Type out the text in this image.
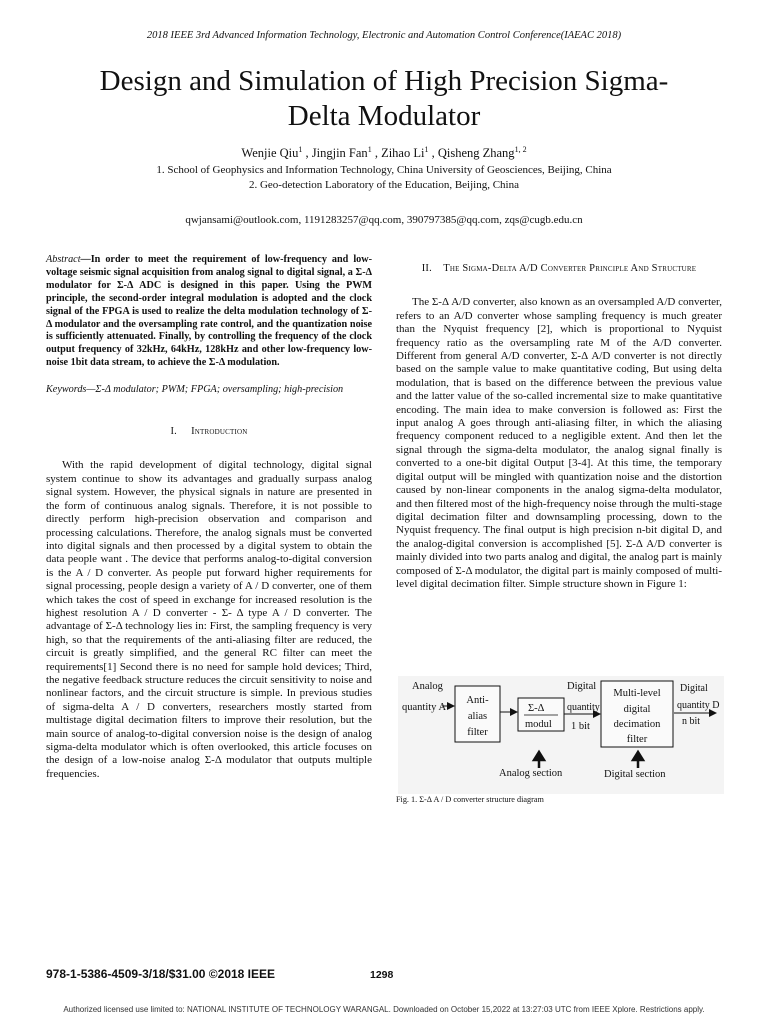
2018 IEEE 3rd Advanced Information Technology, Electronic and Automation Control Conference(IAEAC 2018)
Design and Simulation of High Precision Sigma-Delta Modulator
Wenjie Qiu$^1$ , Jingjin Fan$^1$ , Zihao Li$^1$ , Qisheng Zhang$^{1, 2}$
1. School of Geophysics and Information Technology, China University of Geosciences, Beijing, China
2. Geo-detection Laboratory of the Education, Beijing, China
qwjansami@outlook.com, 1191283257@qq.com, 390797385@qq.com, zqs@cugb.edu.cn

Abstract—In order to meet the requirement of low-frequency and low-voltage seismic signal acquisition from analog signal to digital signal, a Σ-Δ modulator for Σ-Δ ADC is designed in this paper. Using the PWM principle, the second-order integral modulation is adopted and the clock signal of the FPGA is used to realize the delta modulation technology of Σ-Δ modulator and the oversampling rate control, and the quantization noise is sufficiently attenuated. Finally, by controlling the frequency of the clock output frequency of 32kHz, 64kHz, 128kHz and other low-frequency low-noise 1bit data stream, to achieve the Σ-Δ modulation.

Keywords—Σ-Δ modulator; PWM; FPGA; oversampling; high-precision

I. Introduction

With the rapid development of digital technology, digital signal system continue to show its advantages and gradually surpass analog signal system. However, the physical signals in nature are presented in the form of continuous analog signals. Therefore, it is not possible to directly perform high-precision observation and comparison and processing calculations. Therefore, the analog signals must be converted into digital signals and then processed by a digital system to obtain the data people want . The device that performs analog-to-digital conversion is the A / D converter. As people put forward higher requirements for signal processing, people design a variety of A / D converter, one of them which takes the cost of speed in exchange for increased resolution is the highest resolution A / D converter - Σ- Δ type A / D converter. The advantage of Σ-Δ technology lies in: First, the sampling frequency is very high, so that the requirements of the anti-aliasing filter are reduced, the circuit is greatly simplified, and the general RC filter can meet the requirements[1] Second there is no need for sample hold devices; Third, the negative feedback structure reduces the circuit sensitivity to noise and nonlinear factors, and the circuit structure is simple. In previous studies of sigma-delta A / D converters, researchers mostly started from multistage digital decimation filters to improve their resolution, but the main source of analog-to-digital conversion noise is the design of analog sigma-delta modulator which is often overlooked, this article focuses on the design of a low-noise analog Σ-Δ modulator that outputs multiple frequencies.

II. The Sigma-Delta A/D Converter Principle And Structure

The Σ-Δ A/D converter, also known as an oversampled A/D converter, refers to an A/D converter whose sampling frequency is much greater than the Nyquist frequency [2], which is proportional to Nyquist frequency ratio as the oversampling rate M of the A/D converter. Different from general A/D converter, Σ-Δ A/D converter is not directly based on the sample value to make quantitative coding, But using delta modulation, that is based on the difference between the previous value and the latter value of the so-called incremental size to make quantitative encoding. The main idea to make conversion is followed as: First the input analog A goes through anti-aliasing filter, in which the aliasing frequency component reduced to a negligible extent. And then let the signal through the sigma-delta modulator, the analog signal finally is converted to a one-bit digital Output [3-4]. At this time, the temporary digital output will be mingled with quantization noise and the distortion caused by non-linear components in the analog sigma-delta modulator, and then filtered most of the high-frequency noise through the multi-stage digital decimation filter and downsampling processing, down to the Nyquist frequency. The final output is high precision n-bit digital D, and the analog-digital conversion is accomplished [5]. Σ-Δ A/D converter is mainly divided into two parts analog and digital, the analog part is mainly composed of Σ-Δ modulator, the digital part is mainly composed of multi-level digital decimation filter. Simple structure shown in Figure 1:

Analog
quantity A
Anti-
alias
filter
Σ-Δ
modul
Digital
quantity
1 bit
Multi-level
digital
decimation
filter
Digital
quantity D
n bit
Analog section	Digital section
Fig. 1. Σ-Δ A / D converter structure diagram
978-1-5386-4509-3/18/$31.00 ©2018 IEEE	1298
Authorized licensed use limited to: NATIONAL INSTITUTE OF TECHNOLOGY WARANGAL. Downloaded on October 15,2022 at 13:27:03 UTC from IEEE Xplore. Restrictions apply.
